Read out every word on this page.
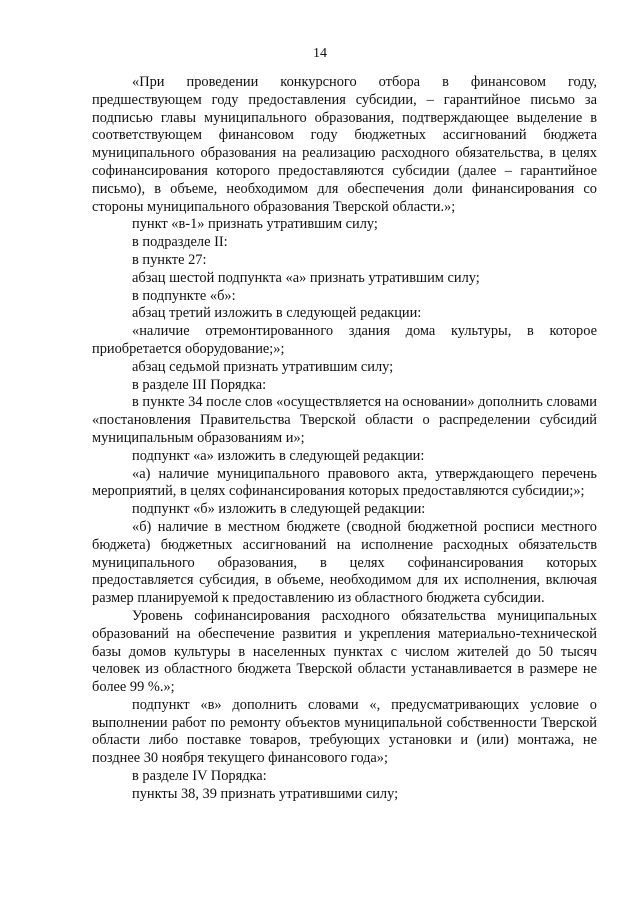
14

«При проведении конкурсного отбора в финансовом году, предшествующем году предоставления субсидии, – гарантийное письмо за подписью главы муниципального образования, подтверждающее выделение в соответствующем финансовом году бюджетных ассигнований бюджета муниципального образования на реализацию расходного обязательства, в целях софинансирования которого предоставляются субсидии (далее – гарантийное письмо), в объеме, необходимом для обеспечения доли финансирования со стороны муниципального образования Тверской области.»;

пункт «в-1» признать утратившим силу;

в подразделе II:

в пункте 27:

абзац шестой подпункта «а» признать утратившим силу;

в подпункте «б»:

абзац третий изложить в следующей редакции:

«наличие отремонтированного здания дома культуры, в которое приобретается оборудование;»;

абзац седьмой признать утратившим силу;

в разделе III Порядка:

в пункте 34 после слов «осуществляется на основании» дополнить словами «постановления Правительства Тверской области о распределении субсидий муниципальным образованиям и»;

подпункт «а» изложить в следующей редакции:

«а) наличие муниципального правового акта, утверждающего перечень мероприятий, в целях софинансирования которых предоставляются субсидии;»;

подпункт «б» изложить в следующей редакции:

«б) наличие в местном бюджете (сводной бюджетной росписи местного бюджета) бюджетных ассигнований на исполнение расходных обязательств муниципального образования, в целях софинансирования которых предоставляется субсидия, в объеме, необходимом для их исполнения, включая размер планируемой к предоставлению из областного бюджета субсидии.

Уровень софинансирования расходного обязательства муниципальных образований на обеспечение развития и укрепления материально-технической базы домов культуры в населенных пунктах с числом жителей до 50 тысяч человек из областного бюджета Тверской области устанавливается в размере не более 99 %.»;

подпункт «в» дополнить словами «, предусматривающих условие о выполнении работ по ремонту объектов муниципальной собственности Тверской области либо поставке товаров, требующих установки и (или) монтажа, не позднее 30 ноября текущего финансового года»;

в разделе IV Порядка:

пункты 38, 39 признать утратившими силу;
